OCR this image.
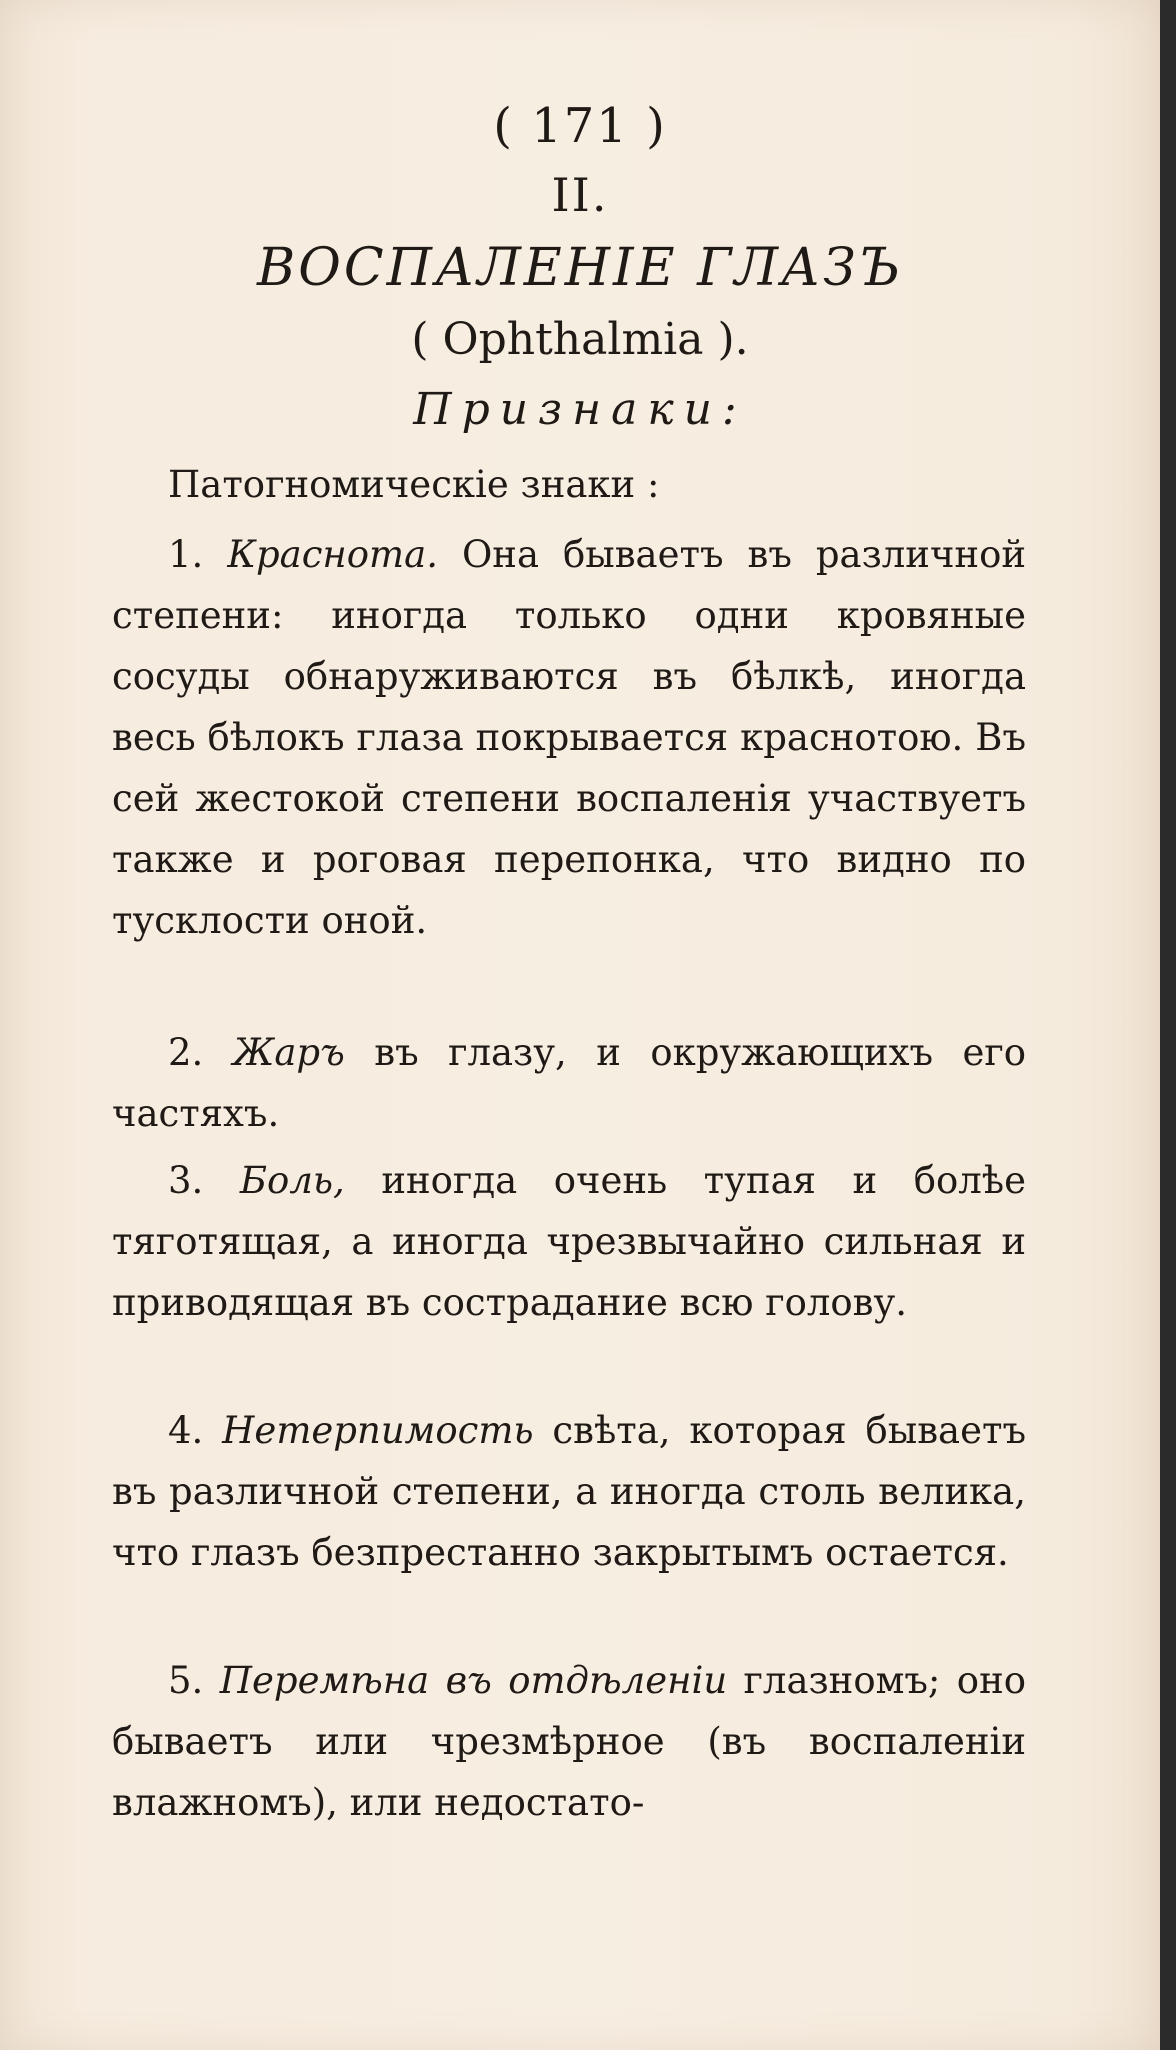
( 171 )
II.
ВОСПАЛЕНІЕ ГЛАЗЪ
( Ophthalmia ).
Признаки:

Патогномическіе знаки :

1. Краснота. Она бываетъ въ различной степени: иногда только одни кровяные сосуды обнаруживаются въ бѣлкѣ, иногда весь бѣлокъ глаза покрывается краснотою. Въ сей жестокой степени воспаленія участвуетъ также и роговая перепонка, что видно по тусклости оной.

2. Жаръ въ глазу, и окружающихъ его частяхъ.

3. Боль, иногда очень тупая и болѣе тяготящая, а иногда чрезвычайно сильная и приводящая въ сострадание всю голову.

4. Нетерпимость свѣта, которая бываетъ въ различной степени, а иногда столь велика, что глазъ безпрестанно закрытымъ остается.

5. Перемѣна въ отдѣленіи глазномъ; оно бываетъ или чрезмѣрное (въ воспаленіи влажномъ), или недостато-
